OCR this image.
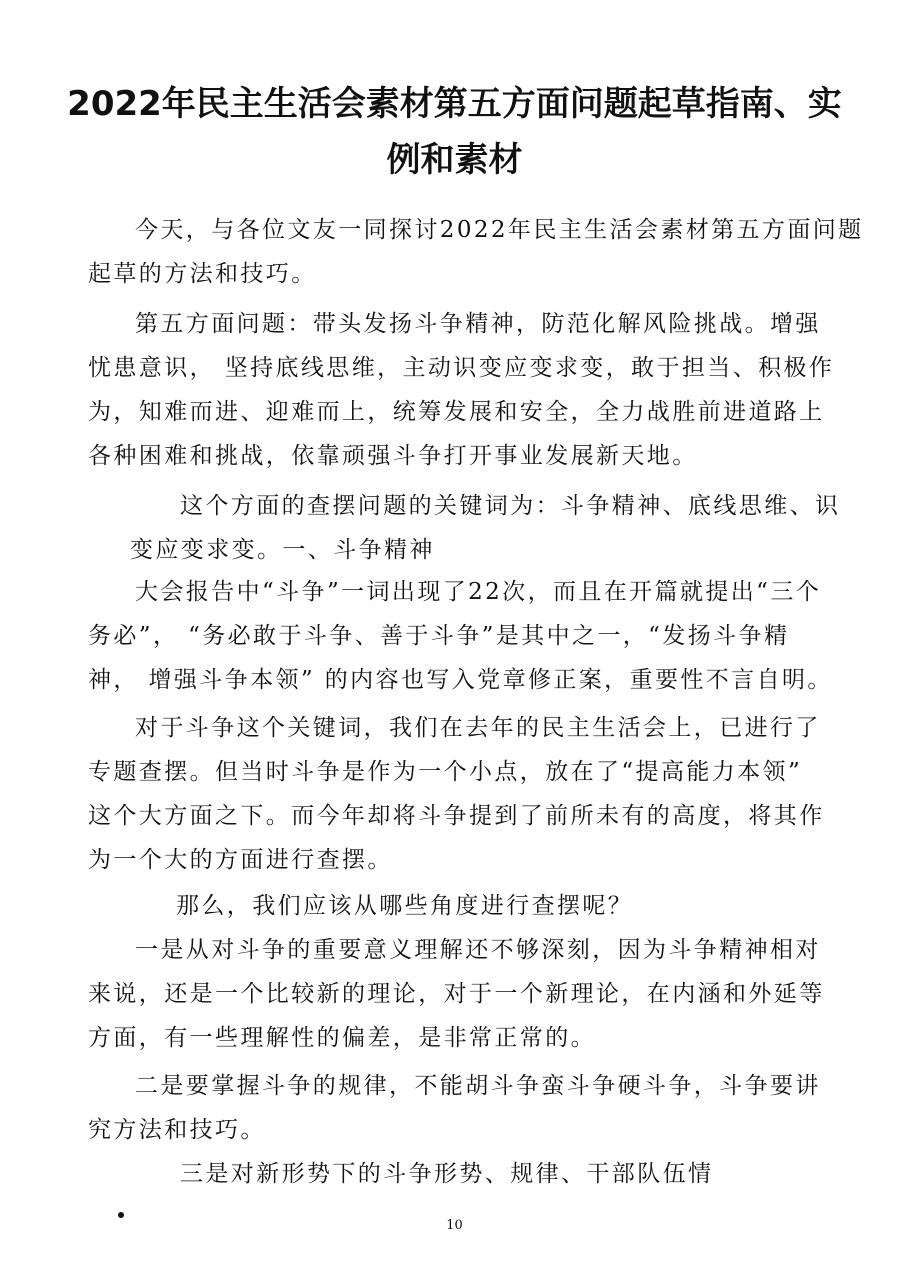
2022年民主生活会素材第五方面问题起草指南、实
例和素材

今天，与各位文友一同探讨2022年民主生活会素材第五方面问题
起草的方法和技巧。

第五方面问题：带头发扬斗争精神，防范化解风险挑战。增强
忧患意识， 坚持底线思维，主动识变应变求变，敢于担当、积极作
为，知难而进、迎难而上，统筹发展和安全，全力战胜前进道路上
各种困难和挑战，依靠顽强斗争打开事业发展新天地。

这个方面的查摆问题的关键词为：斗争精神、底线思维、识
变应变求变。一、斗争精神

大会报告中“斗争”一词出现了22次，而且在开篇就提出“三个
务必”， “务必敢于斗争、善于斗争”是其中之一，“发扬斗争精
神， 增强斗争本领” 的内容也写入党章修正案，重要性不言自明。

对于斗争这个关键词，我们在去年的民主生活会上，已进行了
专题查摆。但当时斗争是作为一个小点，放在了“提高能力本领”
这个大方面之下。而今年却将斗争提到了前所未有的高度，将其作
为一个大的方面进行查摆。

那么，我们应该从哪些角度进行查摆呢？

一是从对斗争的重要意义理解还不够深刻，因为斗争精神相对
来说，还是一个比较新的理论，对于一个新理论，在内涵和外延等
方面，有一些理解性的偏差，是非常正常的。

二是要掌握斗争的规律，不能胡斗争蛮斗争硬斗争，斗争要讲
究方法和技巧。

三是对新形势下的斗争形势、规律、干部队伍情

10
